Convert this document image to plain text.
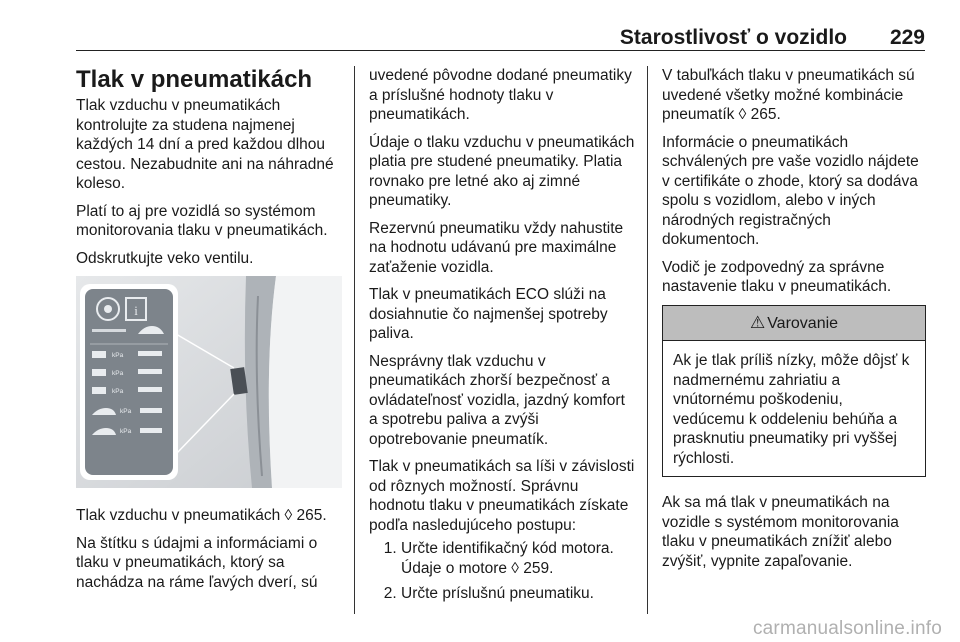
Starostlivosť o vozidlo 229
Tlak v pneumatikách

Tlak vzduchu v pneumatikách kontrolujte za studena najmenej každých 14 dní a pred každou dlhou cestou. Nezabudnite ani na náhradné koleso.

Platí to aj pre vozidlá so systémom monitorovania tlaku v pneumatikách.

Odskrutkujte veko ventilu.

i
kPa
kPa
kPa
kPa
kPa

Tlak vzduchu v pneumatikách ◊ 265.

Na štítku s údajmi a informáciami o tlaku v pneumatikách, ktorý sa nachádza na ráme ľavých dverí, sú

uvedené pôvodne dodané pneumatiky a príslušné hodnoty tlaku v pneumatikách.

Údaje o tlaku vzduchu v pneumatikách platia pre studené pneumatiky. Platia rovnako pre letné ako aj zimné pneumatiky.

Rezervnú pneumatiku vždy nahustite na hodnotu udávanú pre maximálne zaťaženie vozidla.

Tlak v pneumatikách ECO slúži na dosiahnutie čo najmenšej spotreby paliva.

Nesprávny tlak vzduchu v pneumatikách zhorší bezpečnosť a ovládateľnosť vozidla, jazdný komfort a spotrebu paliva a zvýši opotrebovanie pneumatík.

Tlak v pneumatikách sa líši v závislosti od rôznych možností. Správnu hodnotu tlaku v pneumatikách získate podľa nasledujúceho postupu:

1. Určte identifikačný kód motora. Údaje o motore ◊ 259.
2. Určte príslušnú pneumatiku.

V tabuľkách tlaku v pneumatikách sú uvedené všetky možné kombinácie pneumatík ◊ 265.

Informácie o pneumatikách schválených pre vaše vozidlo nájdete v certifikáte o zhode, ktorý sa dodáva spolu s vozidlom, alebo v iných národných registračných dokumentoch.

Vodič je zodpovedný za správne nastavenie tlaku v pneumatikách.

⚠ Varovanie
Ak je tlak príliš nízky, môže dôjsť k nadmernému zahriatiu a vnútornému poškodeniu, vedúcemu k oddeleniu behúňa a prasknutiu pneumatiky pri vyššej rýchlosti.

Ak sa má tlak v pneumatikách na vozidle s systémom monitorovania tlaku v pneumatikách znížiť alebo zvýšiť, vypnite zapaľovanie.

carmanualsonline.info
